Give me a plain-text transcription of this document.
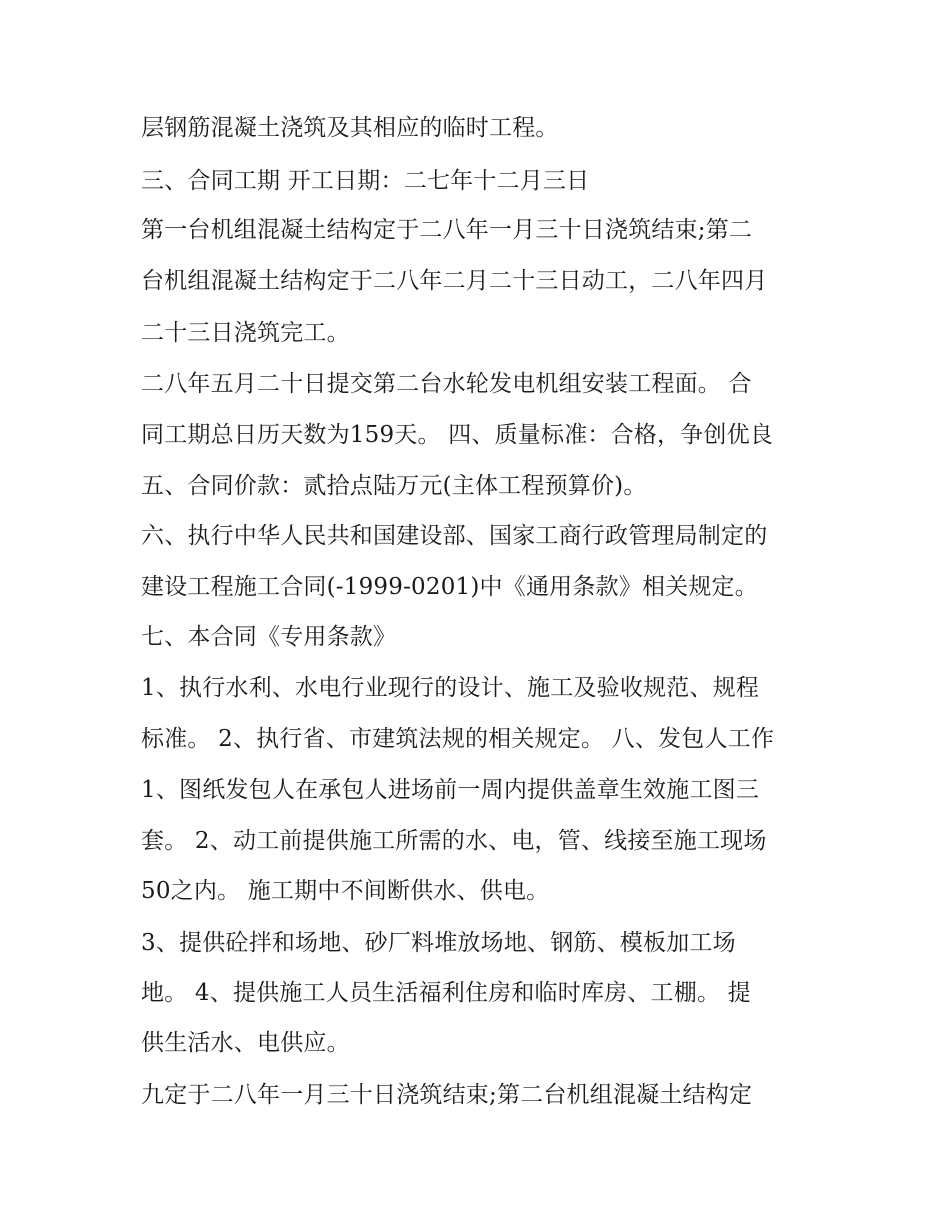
层钢筋混凝土浇筑及其相应的临时工程。
三、合同工期 开工日期：二七年十二月三日
第一台机组混凝土结构定于二八年一月三十日浇筑结束;第二
台机组混凝土结构定于二八年二月二十三日动工，二八年四月
二十三日浇筑完工。
二八年五月二十日提交第二台水轮发电机组安装工程面。 合
同工期总日历天数为159天。 四、质量标准：合格，争创优良
五、合同价款：贰拾点陆万元(主体工程预算价)。
六、执行中华人民共和国建设部、国家工商行政管理局制定的
建设工程施工合同(-1999-0201)中《通用条款》相关规定。
七、本合同《专用条款》
1、执行水利、水电行业现行的设计、施工及验收规范、规程
标准。 2、执行省、市建筑法规的相关规定。 八、发包人工作
1、图纸发包人在承包人进场前一周内提供盖章生效施工图三
套。 2、动工前提供施工所需的水、电，管、线接至施工现场
50之内。 施工期中不间断供水、供电。
3、提供砼拌和场地、砂厂料堆放场地、钢筋、模板加工场
地。 4、提供施工人员生活福利住房和临时库房、工棚。 提
供生活水、电供应。
九定于二八年一月三十日浇筑结束;第二台机组混凝土结构定
